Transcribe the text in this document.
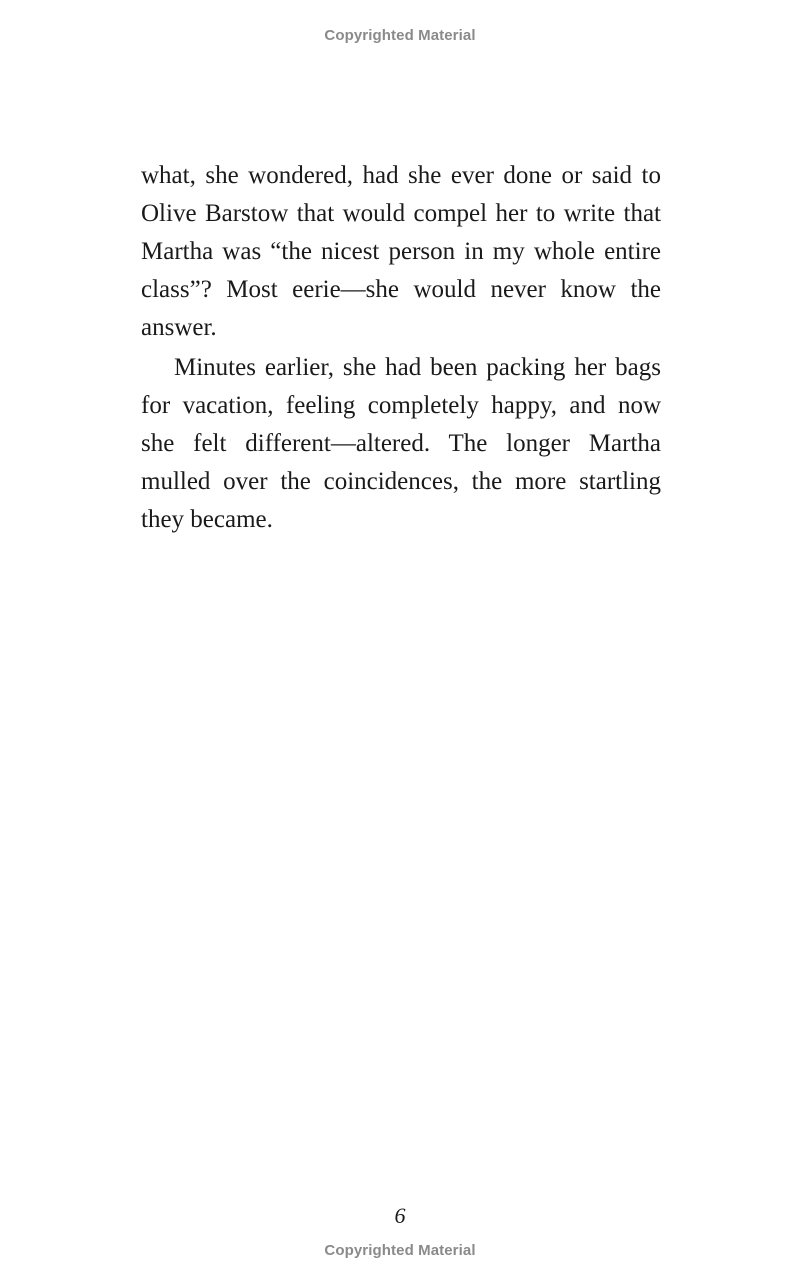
Copyrighted Material

what, she wondered, had she ever done or said to Olive Barstow that would compel her to write that Martha was “the nicest person in my whole entire class”? Most eerie—she would never know the answer.

Minutes earlier, she had been packing her bags for vacation, feeling completely happy, and now she felt different—altered. The longer Martha mulled over the coincidences, the more startling they became.

6
Copyrighted Material
